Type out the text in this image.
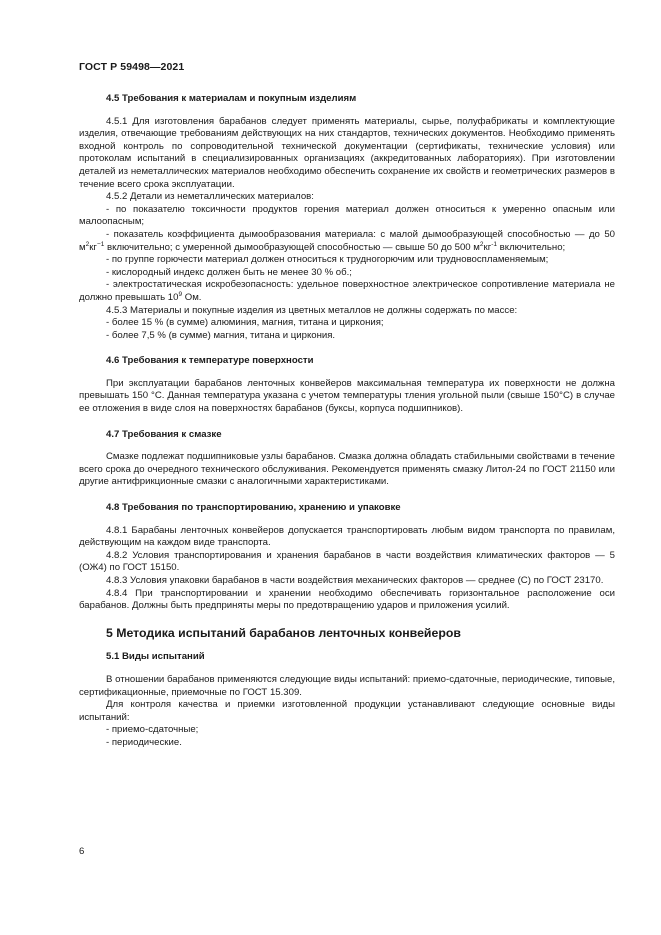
ГОСТ Р 59498—2021
4.5 Требования к материалам и покупным изделиям

4.5.1 Для изготовления барабанов следует применять материалы, сырье, полуфабрикаты и комплектующие изделия, отвечающие требованиям действующих на них стандартов, технических документов. Необходимо применять входной контроль по сопроводительной технической документации (сертификаты, технические условия) или протоколам испытаний в специализированных организациях (аккредитованных лабораториях). При изготовлении деталей из неметаллических материалов необходимо обеспечить сохранение их свойств и геометрических размеров в течение всего срока эксплуатации.

4.5.2 Детали из неметаллических материалов:

- по показателю токсичности продуктов горения материал должен относиться к умеренно опасным или малоопасным;

- показатель коэффициента дымообразования материала: с малой дымообразующей способностью — до 50 $м^2кг^{-1}$ включительно; с умеренной дымообразующей способностью — свыше 50 до 500 $м^2кг^{-1}$ включительно;

- по группе горючести материал должен относиться к трудногорючим или трудновоспламеняемым;

- кислородный индекс должен быть не менее 30 % об.;

- электростатическая искробезопасность: удельное поверхностное электрическое сопротивление материала не должно превышать $10^9$ Ом.

4.5.3 Материалы и покупные изделия из цветных металлов не должны содержать по массе:

- более 15 % (в сумме) алюминия, магния, титана и циркония;

- более 7,5 % (в сумме) магния, титана и циркония.

4.6 Требования к температуре поверхности

При эксплуатации барабанов ленточных конвейеров максимальная температура их поверхности не должна превышать 150 °С. Данная температура указана с учетом температуры тления угольной пыли (свыше 150°С) в случае ее отложения в виде слоя на поверхностях барабанов (буксы, корпуса подшипников).

4.7 Требования к смазке

Смазке подлежат подшипниковые узлы барабанов. Смазка должна обладать стабильными свойствами в течение всего срока до очередного технического обслуживания. Рекомендуется применять смазку Литол-24 по ГОСТ 21150 или другие антифрикционные смазки с аналогичными характеристиками.

4.8 Требования по транспортированию, хранению и упаковке

4.8.1 Барабаны ленточных конвейеров допускается транспортировать любым видом транспорта по правилам, действующим на каждом виде транспорта.

4.8.2 Условия транспортирования и хранения барабанов в части воздействия климатических факторов — 5 (ОЖ4) по ГОСТ 15150.

4.8.3 Условия упаковки барабанов в части воздействия механических факторов — среднее (С) по ГОСТ 23170.

4.8.4 При транспортировании и хранении необходимо обеспечивать горизонтальное расположение оси барабанов. Должны быть предприняты меры по предотвращению ударов и приложения усилий.

5 Методика испытаний барабанов ленточных конвейеров
5.1 Виды испытаний

В отношении барабанов применяются следующие виды испытаний: приемо-сдаточные, периодические, типовые, сертификационные, приемочные по ГОСТ 15.309.

Для контроля качества и приемки изготовленной продукции устанавливают следующие основные виды испытаний:

- приемо-сдаточные;

- периодические.

6
